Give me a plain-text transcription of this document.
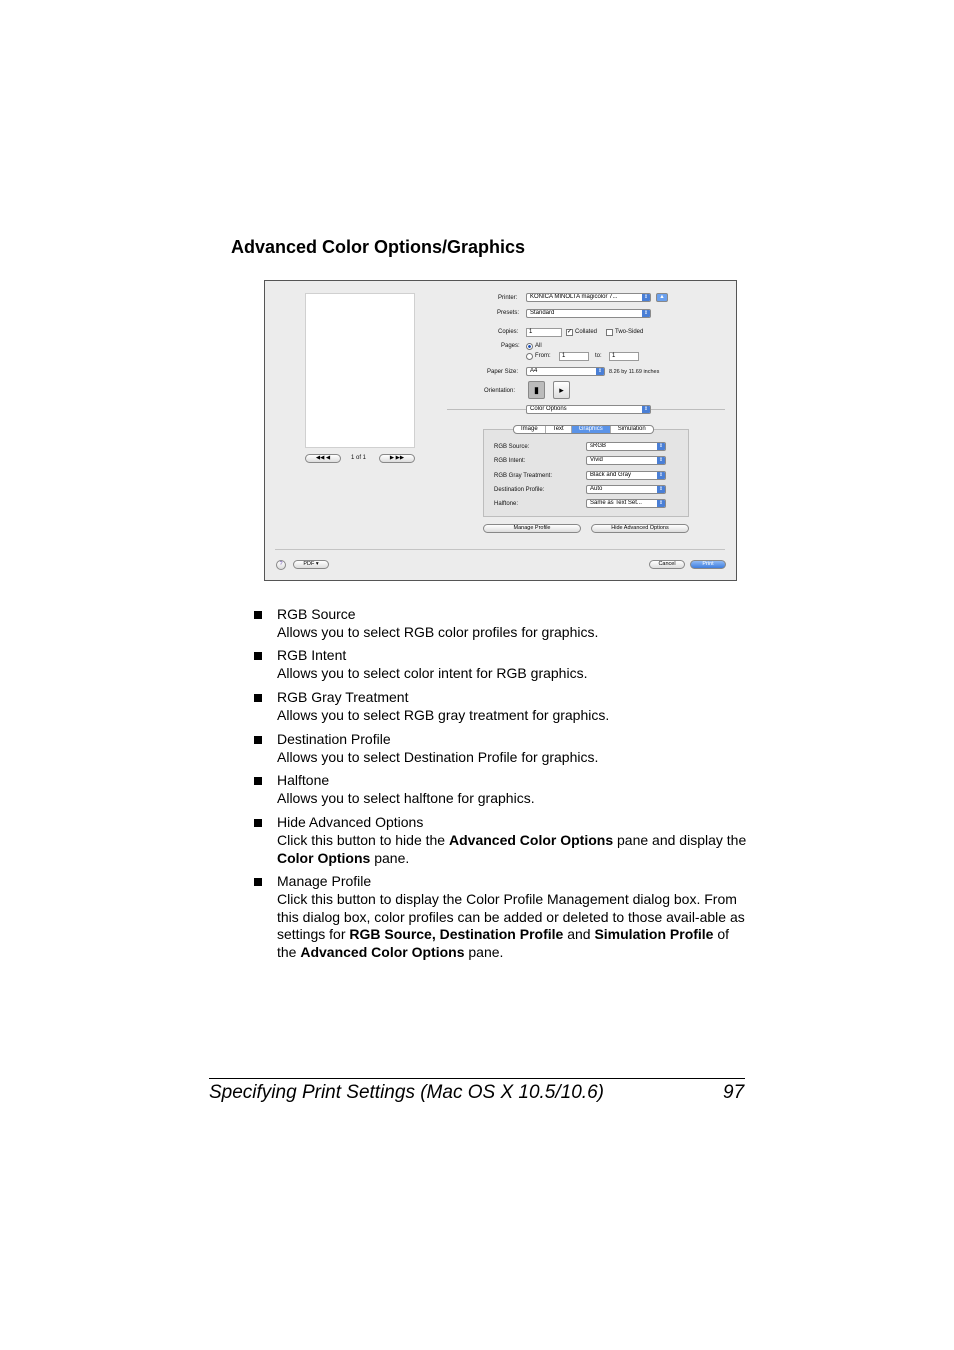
Advanced Color Options/Graphics
◀◀ ◀	1 of 1	▶ ▶▶
Printer:	KONICA MINOLTA magicolor 7...	⇕	▲
Presets:	Standard	⇕
Copies:	1	✓ Collated	Two-Sided
Pages:	All
From:	1	to:	1
Paper Size:	A4	⇕	8.26 by 11.69 inches
Orientation:	▮	▸
Color Options	⇕
RGB Source:	sRGB	⇕
RGB Intent:	Vivid	⇕
RGB Gray Treatment:	Black and Gray	⇕
Destination Profile:	Auto	⇕
Halftone:	Same as Text Set...	⇕
Image	Text	Graphics	Simulation
Manage Profile	Hide Advanced Options
?	PDF ▾	Cancel	Print
RGB Source
Allows you to select RGB color profiles for graphics.
RGB Intent
Allows you to select color intent for RGB graphics.
RGB Gray Treatment
Allows you to select RGB gray treatment for graphics.
Destination Profile
Allows you to select Destination Profile for graphics.
Halftone
Allows you to select halftone for graphics.
Hide Advanced Options
Click this button to hide the Advanced Color Options pane and display the Color Options pane.
Manage Profile
Click this button to display the Color Profile Management dialog box. From this dialog box, color profiles can be added or deleted to those avail-able as settings for RGB Source, Destination Profile and Simulation Profile of the Advanced Color Options pane.
Specifying Print Settings (Mac OS X 10.5/10.6)	97
